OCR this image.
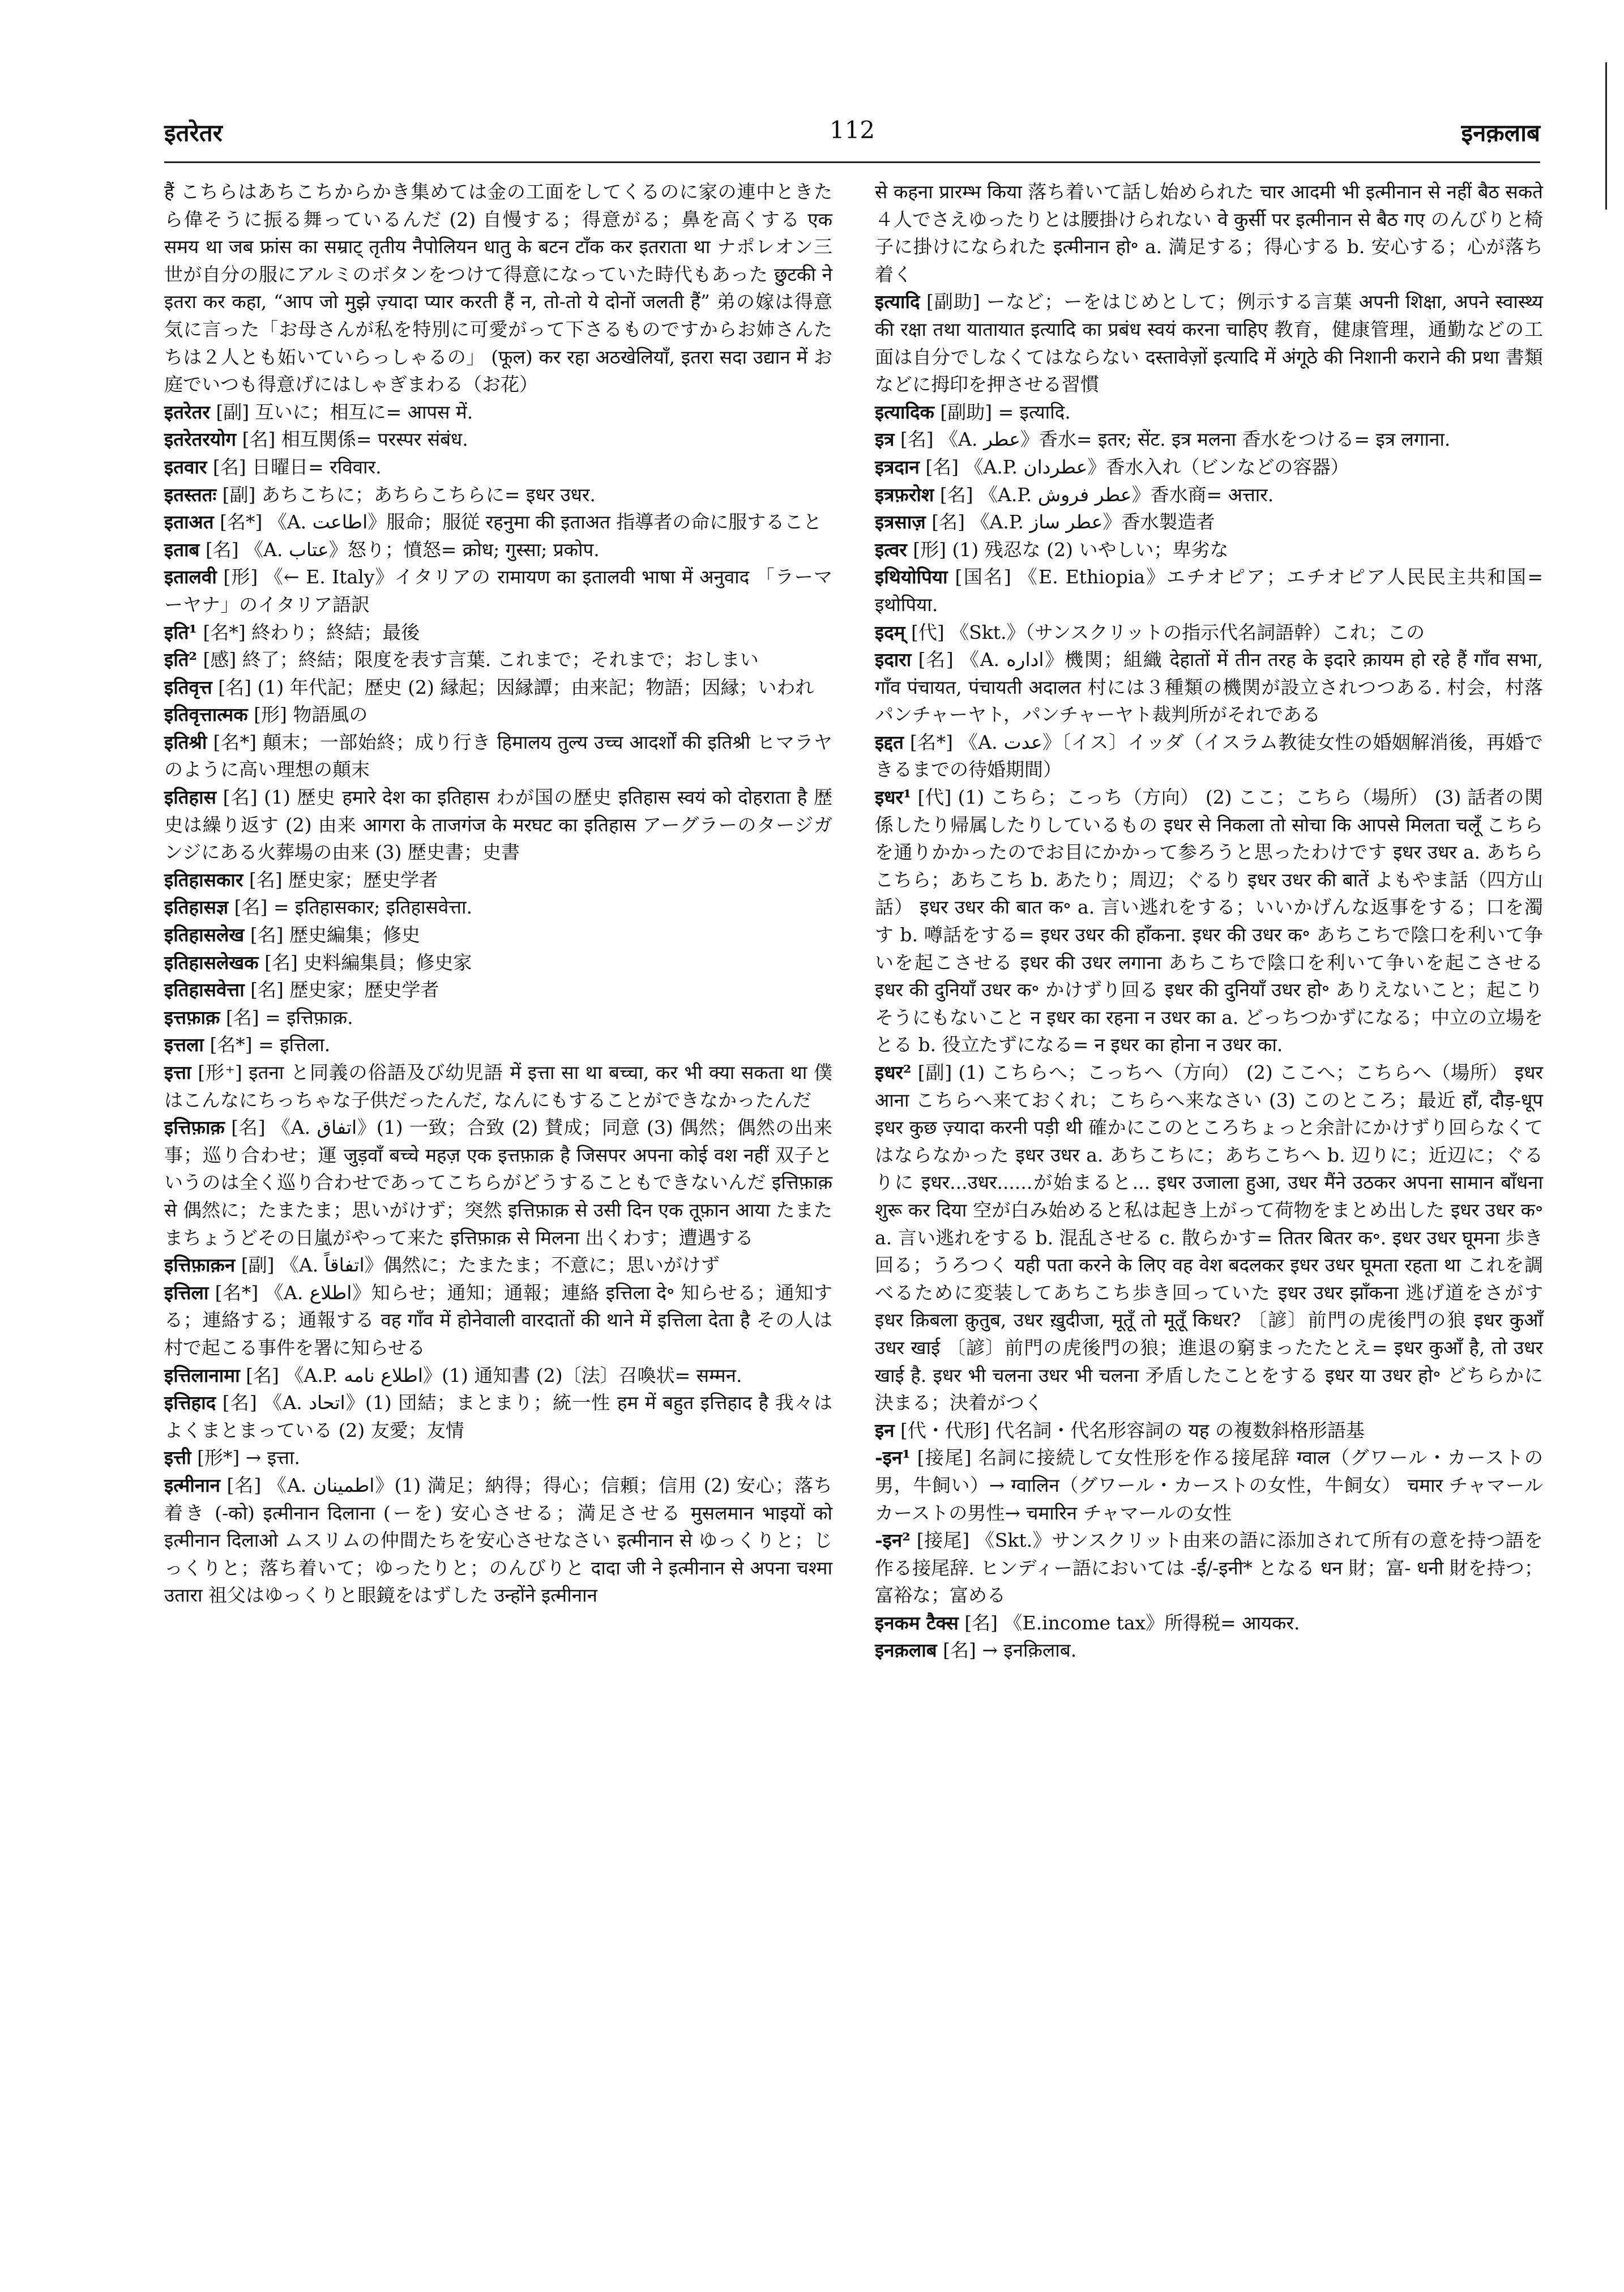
इतरेतर	112	इनक़लाब

हैं こちらはあちこちからかき集めては金の工面をしてくるのに家の連中ときたら偉そうに振る舞っているんだ (2) 自慢する；得意がる；鼻を高くする एक समय था जब फ्रांस का सम्राट् तृतीय नैपोलियन धातु के बटन टाँक कर इतराता था ナポレオン三世が自分の服にアルミのボタンをつけて得意になっていた時代もあった छुटकी ने इतरा कर कहा, “आप जो मुझे ज़्यादा प्यार करती हैं न, तो-तो ये दोनों जलती हैं” 弟の嫁は得意気に言った「お母さんが私を特別に可愛がって下さるものですからお姉さんたちは２人とも妬いていらっしゃるの」 (फूल) कर रहा अठखेलियाँ, इतरा सदा उद्यान में お庭でいつも得意げにはしゃぎまわる（お花）

इतरेतर [副] 互いに；相互に= आपस में.

इतरेतरयोग [名] 相互関係= परस्पर संबंध.

इतवार [名] 日曜日= रविवार.

इतस्ततः [副] あちこちに；あちらこちらに= इधर उधर.

इताअत [名*] 《A. اطاعت》服命；服従 रहनुमा की इताअत 指導者の命に服すること

इताब [名] 《A. عتاب》怒り；憤怒= क्रोध; गुस्सा; प्रकोप.

इतालवी [形] 《← E. Italy》イタリアの रामायण का इतालवी भाषा में अनुवाद 「ラーマーヤナ」のイタリア語訳

इति¹ [名*] 終わり；終結；最後

इति² [感] 終了；終結；限度を表す言葉. これまで；それまで；おしまい

इतिवृत्त [名] (1) 年代記；歴史 (2) 縁起；因縁譚；由来記；物語；因縁；いわれ

इतिवृत्तात्मक [形] 物語風の

इतिश्री [名*] 顛末；一部始終；成り行き हिमालय तुल्य उच्च आदर्शों की इतिश्री ヒマラヤのように高い理想の顛末

इतिहास [名] (1) 歴史 हमारे देश का इतिहास わが国の歴史 इतिहास स्वयं को दोहराता है 歴史は繰り返す (2) 由来 आगरा के ताजगंज के मरघट का इतिहास アーグラーのタージガンジにある火葬場の由来 (3) 歴史書；史書

इतिहासकार [名] 歴史家；歴史学者

इतिहासज्ञ [名] = इतिहासकार; इतिहासवेत्ता.

इतिहासलेख [名] 歴史編集；修史

इतिहासलेखक [名] 史料編集員；修史家

इतिहासवेत्ता [名] 歴史家；歴史学者

इत्तफ़ाक़ [名] = इत्तिफ़ाक़.

इत्तला [名*] = इत्तिला.

इत्ता [形⁺] इतना と同義の俗語及び幼児語 में इत्ता सा था बच्चा, कर भी क्या सकता था 僕はこんなにちっちゃな子供だったんだ, なんにもすることができなかったんだ

इत्तिफ़ाक़ [名] 《A. اتفاق》(1) 一致；合致 (2) 賛成；同意 (3) 偶然；偶然の出来事；巡り合わせ；運 जुड़वाँ बच्चे महज़ एक इत्तफ़ाक़ है जिसपर अपना कोई वश नहीं 双子というのは全く巡り合わせであってこちらがどうすることもできないんだ इत्तिफ़ाक़ से 偶然に；たまたま；思いがけず；突然 इत्तिफ़ाक़ से उसी दिन एक तूफ़ान आया たまたまちょうどその日嵐がやって来た इत्तिफ़ाक़ से मिलना 出くわす；遭遇する

इत्तिफ़ाक़न [副] 《A. اتفاقاً》偶然に；たまたま；不意に；思いがけず

इत्तिला [名*] 《A. اطلاع》知らせ；通知；通報；連絡 इत्तिला दे॰ 知らせる；通知する；連絡する；通報する वह गाँव में होनेवाली वारदातों की थाने में इत्तिला देता है その人は村で起こる事件を署に知らせる

इत्तिलानामा [名] 《A.P. اطلاع نامه》(1) 通知書 (2)〔法〕召喚状= सम्मन.

इत्तिहाद [名] 《A. اتحاد》(1) 団結；まとまり；統一性 हम में बहुत इत्तिहाद है 我々はよくまとまっている (2) 友愛；友情

इत्ती [形*] → इत्ता.

इत्मीनान [名] 《A. اطمينان》(1) 満足；納得；得心；信頼；信用 (2) 安心；落ち着き (-को) इत्मीनान दिलाना (ーを) 安心させる；満足させる मुसलमान भाइयों को इत्मीनान दिलाओ ムスリムの仲間たちを安心させなさい इत्मीनान से ゆっくりと；じっくりと；落ち着いて；ゆったりと；のんびりと दादा जी ने इत्मीनान से अपना चश्मा उतारा 祖父はゆっくりと眼鏡をはずした उन्होंने इत्मीनान

से कहना प्रारम्भ किया 落ち着いて話し始められた चार आदमी भी इत्मीनान से नहीं बैठ सकते ４人でさえゆったりとは腰掛けられない वे कुर्सी पर इत्मीनान से बैठ गए のんびりと椅子に掛けになられた इत्मीनान हो॰ a. 満足する；得心する b. 安心する；心が落ち着く

इत्यादि [副助] ーなど；ーをはじめとして；例示する言葉 अपनी शिक्षा, अपने स्वास्थ्य की रक्षा तथा यातायात इत्यादि का प्रबंध स्वयं करना चाहिए 教育，健康管理，通勤などの工面は自分でしなくてはならない दस्तावेज़ों इत्यादि में अंगूठे की निशानी कराने की प्रथा 書類などに拇印を押させる習慣

इत्यादिक [副助] = इत्यादि.

इत्र [名] 《A. عطر》香水= इतर; सेंट. इत्र मलना 香水をつける= इत्र लगाना.

इत्रदान [名] 《A.P. عطردان》香水入れ（ビンなどの容器）

इत्रफ़रोश [名] 《A.P. عطر فروش》香水商= अत्तार.

इत्रसाज़ [名] 《A.P. عطر ساز》香水製造者

इत्वर [形] (1) 残忍な (2) いやしい；卑劣な

इथियोपिया [国名] 《E. Ethiopia》エチオピア；エチオピア人民民主共和国= इथोपिया.

इदम् [代] 《Skt.》（サンスクリットの指示代名詞語幹）これ；この

इदारा [名] 《A. اداره》機関；組織 देहातों में तीन तरह के इदारे क़ायम हो रहे हैं गाँव सभा, गाँव पंचायत, पंचायती अदालत 村には３種類の機関が設立されつつある. 村会，村落パンチャーヤト，パンチャーヤト裁判所がそれである

इद्दत [名*] 《A. عدت》〔イス〕イッダ（イスラム教徒女性の婚姻解消後，再婚できるまでの待婚期間）

इधर¹ [代] (1) こちら；こっち（方向） (2) ここ；こちら（場所） (3) 話者の関係したり帰属したりしているもの इधर से निकला तो सोचा कि आपसे मिलता चलूँ こちらを通りかかったのでお目にかかって参ろうと思ったわけです इधर उधर a. あちらこちら；あちこち b. あたり；周辺；ぐるり इधर उधर की बातें よもやま話（四方山話） इधर उधर की बात क॰ a. 言い逃れをする；いいかげんな返事をする；口を濁す b. 噂話をする= इधर उधर की हाँकना. इधर की उधर क॰ あちこちで陰口を利いて争いを起こさせる इधर की उधर लगाना あちこちで陰口を利いて争いを起こさせる इधर की दुनियाँ उधर क॰ かけずり回る इधर की दुनियाँ उधर हो॰ ありえないこと；起こりそうにもないこと न इधर का रहना न उधर का a. どっちつかずになる；中立の立場をとる b. 役立たずになる= न इधर का होना न उधर का.

इधर² [副] (1) こちらへ；こっちへ（方向） (2) ここへ；こちらへ（場所） इधर आना こちらへ来ておくれ；こちらへ来なさい (3) このところ；最近 हाँ, दौड़-धूप इधर कुछ ज़्यादा करनी पड़ी थी 確かにこのところちょっと余計にかけずり回らなくてはならなかった इधर उधर a. あちこちに；あちこちへ b. 辺りに；近辺に；ぐるりに इधर...उधर......が始まると... इधर उजाला हुआ, उधर मैंने उठकर अपना सामान बाँधना शुरू कर दिया 空が白み始めると私は起き上がって荷物をまとめ出した इधर उधर क॰ a. 言い逃れをする b. 混乱させる c. 散らかす= तितर बितर क॰. इधर उधर घूमना 歩き回る；うろつく यही पता करने के लिए वह वेश बदलकर इधर उधर घूमता रहता था これを調べるために変装してあちこち歩き回っていた इधर उधर झाँकना 逃げ道をさがす इधर क़िबला क़ुतुब, उधर ख़ुदीजा, मूतूँ तो मूतूँ किधर? 〔諺〕前門の虎後門の狼 इधर कुआँ उधर खाई 〔諺〕前門の虎後門の狼；進退の窮まったたとえ= इधर कुआँ है, तो उधर खाई है. इधर भी चलना उधर भी चलना 矛盾したことをする इधर या उधर हो॰ どちらかに決まる；決着がつく

इन [代・代形] 代名詞・代名形容詞の यह の複数斜格形語基

-इन¹ [接尾] 名詞に接続して女性形を作る接尾辞 ग्वाल（グワール・カーストの男，牛飼い）→ ग्वालिन（グワール・カーストの女性，牛飼女） चमार チャマールカーストの男性→ चमारिन チャマールの女性

-इन² [接尾] 《Skt.》サンスクリット由来の語に添加されて所有の意を持つ語を作る接尾辞. ヒンディー語においては -ई/-इनी* となる धन 財；富- धनी 財を持つ；富裕な；富める

इनकम टैक्स [名] 《E.income tax》所得税= आयकर.

इनक़लाब [名] → इनक़िलाब.
